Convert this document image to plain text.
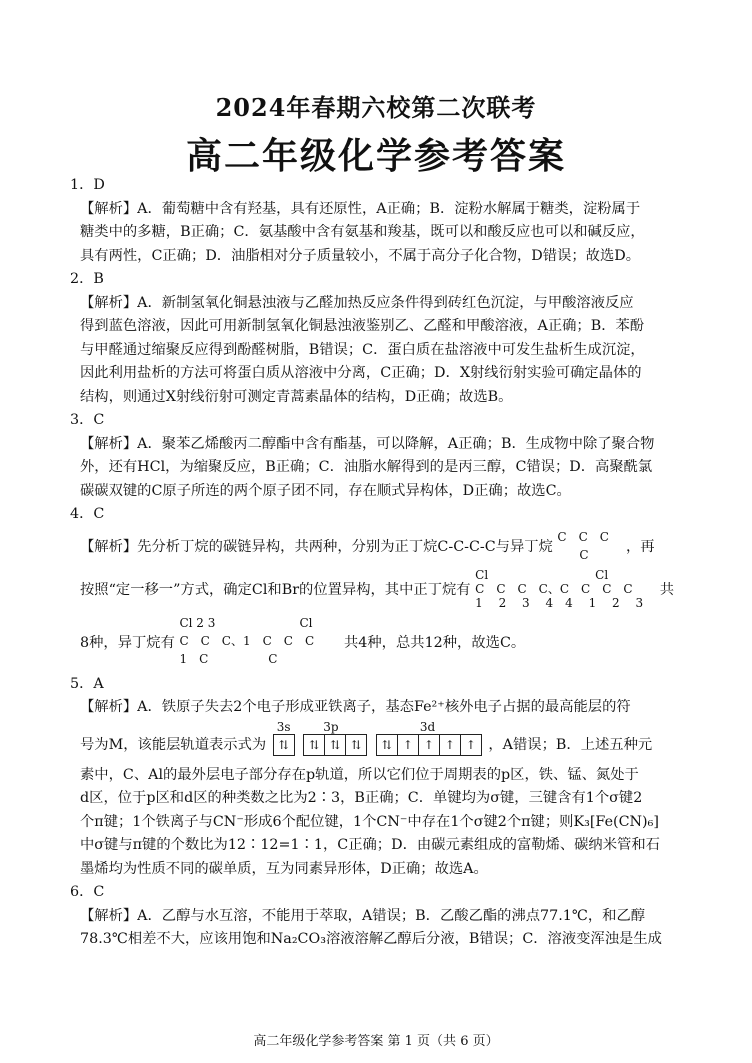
2024年春期六校第二次联考
高二年级化学参考答案
1．D
【解析】A．葡萄糖中含有羟基，具有还原性，A正确；B．淀粉水解属于糖类，淀粉属于
糖类中的多糖，B正确；C．氨基酸中含有氨基和羧基，既可以和酸反应也可以和碱反应，
具有两性，C正确；D．油脂相对分子质量较小，不属于高分子化合物，D错误；故选D。
2．B
【解析】A．新制氢氧化铜悬浊液与乙醛加热反应条件得到砖红色沉淀，与甲酸溶液反应
得到蓝色溶液，因此可用新制氢氧化铜悬浊液鉴别乙、乙醛和甲酸溶液，A正确；B．苯酚
与甲醛通过缩聚反应得到酚醛树脂，B错误；C．蛋白质在盐溶液中可发生盐析生成沉淀，
因此利用盐析的方法可将蛋白质从溶液中分离，C正确；D．X射线衍射实验可确定晶体的
结构，则通过X射线衍射可测定青蒿素晶体的结构，D正确；故选B。
3．C
【解析】A．聚苯乙烯酸丙二醇酯中含有酯基，可以降解，A正确；B．生成物中除了聚合物
外，还有HCl，为缩聚反应，B正确；C．油脂水解得到的是丙三醇，C错误；D．高聚酰氯
碳碳双键的C原子所连的两个原子团不同，存在顺式异构体，D正确；故选C。
4．C
【解析】先分析丁烷的碳链异构，共两种，分别为正丁烷C-C-C-C与异丁烷
C　C　C
C	，再
按照“定一移一”方式，确定Cl和Br的位置异构，其中正丁烷有
Cl	Cl
C　C　C　C、C　C　C　C
1　 2　 3　 4　4　 1　 2　 3
共
8种，异丁烷有
Cl 2 3	Cl
C　C　C、1　C　C　C
1　C　　　　　C
共4种，总共12种，故选C。
5．A
【解析】A．铁原子失去2个电子形成亚铁离子，基态Fe²⁺核外电子占据的最高能层的符
号为M，该能层轨道表示式为
3s
⇅
3p
⇅ ⇅ ⇅
3d
⇅ ↑ ↑ ↑ ↑ ，A错误；B．上述五种元
素中，C、Al的最外层电子部分存在p轨道，所以它们位于周期表的p区，铁、锰、氮处于
d区，位于p区和d区的种类数之比为2∶3，B正确；C．单键均为σ键，三键含有1个σ键2
个π键；1个铁离子与CN⁻形成6个配位键，1个CN⁻中存在1个σ键2个π键；则K₃[Fe(CN)₆]
中σ键与π键的个数比为12∶12=1∶1，C正确；D．由碳元素组成的富勒烯、碳纳米管和石
墨烯均为性质不同的碳单质，互为同素异形体，D正确；故选A。
6．C
【解析】A．乙醇与水互溶，不能用于萃取，A错误；B．乙酸乙酯的沸点77.1℃，和乙醇
78.3℃相差不大，应该用饱和Na₂CO₃溶液溶解乙醇后分液，B错误；C．溶液变浑浊是生成
高二年级化学参考答案 第 1 页（共 6 页）
